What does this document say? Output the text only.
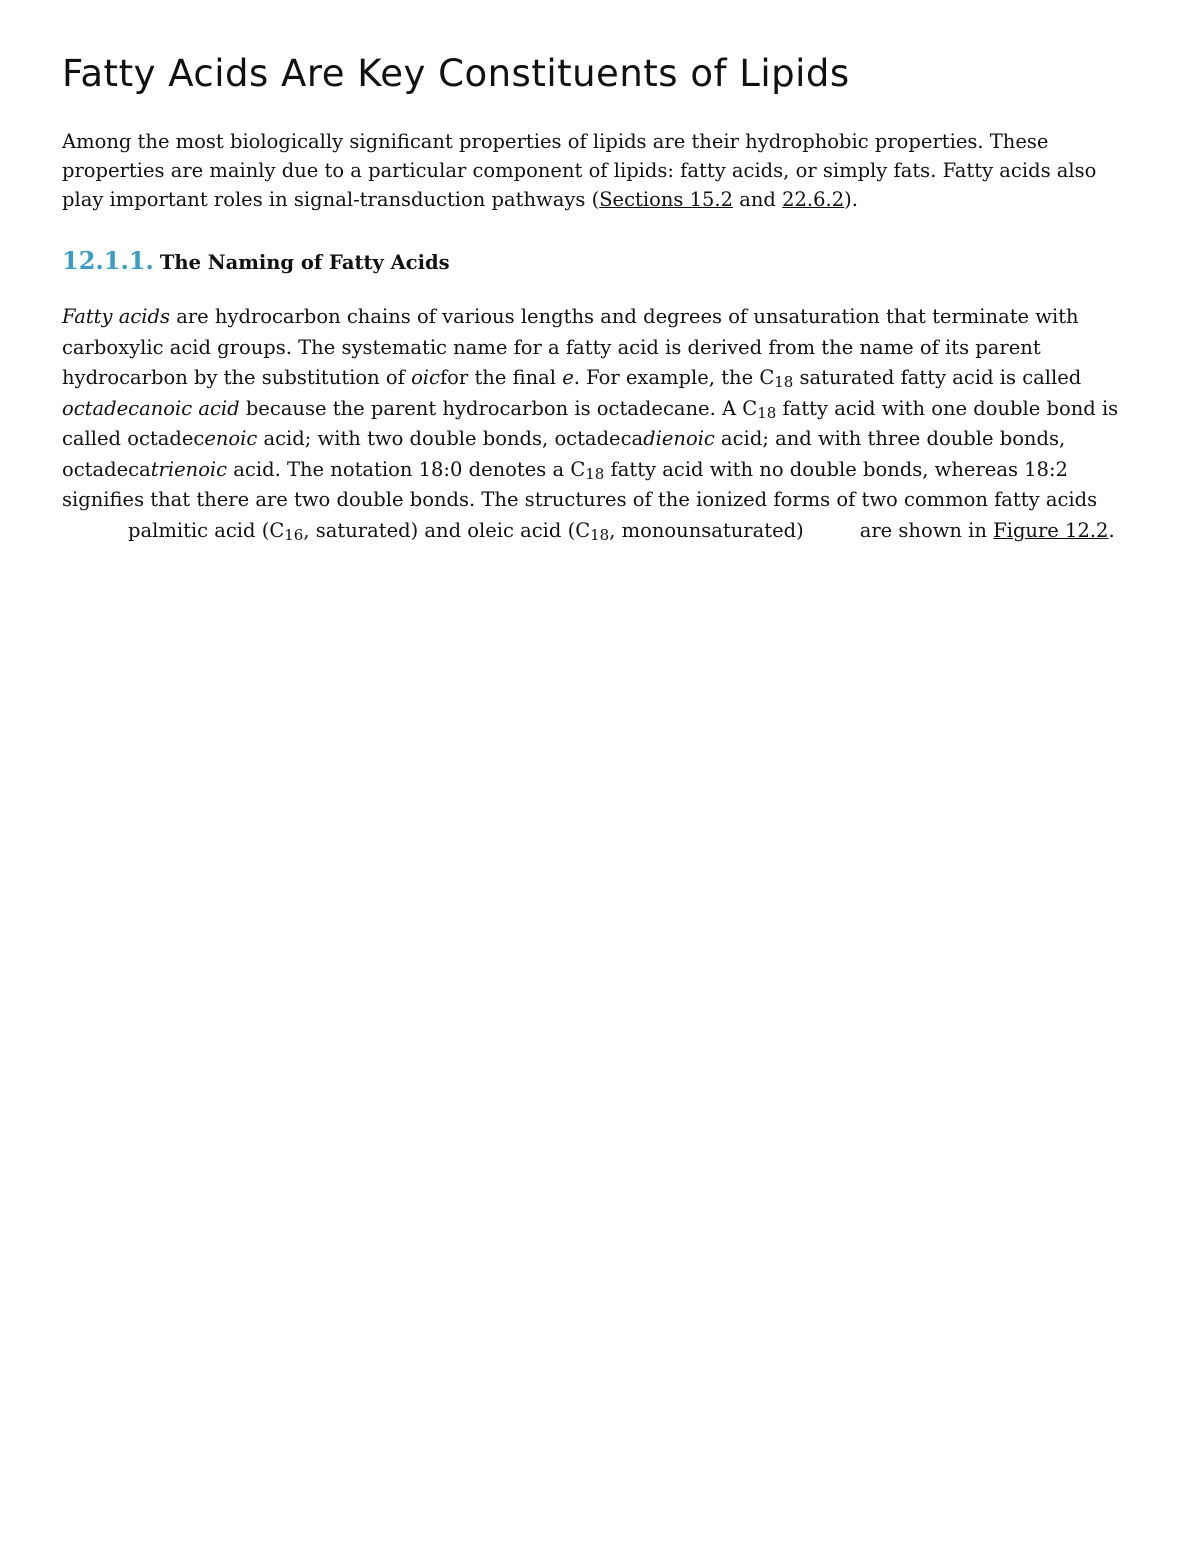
Fatty Acids Are Key Constituents of Lipids

Among the most biologically significant properties of lipids are their hydrophobic properties. These properties are mainly due to a particular component of lipids: fatty acids, or simply fats. Fatty acids also play important roles in signal-transduction pathways (Sections 15.2 and 22.6.2).

12.1.1. The Naming of Fatty Acids

Fatty acids are hydrocarbon chains of various lengths and degrees of unsaturation that terminate with carboxylic acid groups. The systematic name for a fatty acid is derived from the name of its parent hydrocarbon by the substitution of oicfor the final e. For example, the $C_{18}$ saturated fatty acid is called octadecanoic acid because the parent hydrocarbon is octadecane. A $C_{18}$ fatty acid with one double bond is called octadecenoic acid; with two double bonds, octadecadienoic acid; and with three double bonds, octadecatrienoic acid. The notation 18:0 denotes a $C_{18}$ fatty acid with no double bonds, whereas 18:2 signifies that there are two double bonds. The structures of the ionized forms of two common fatty acidspalmitic acid ($C_{16}$, saturated) and oleic acid ($C_{18}$, monounsaturated)	are shown in Figure 12.2.
